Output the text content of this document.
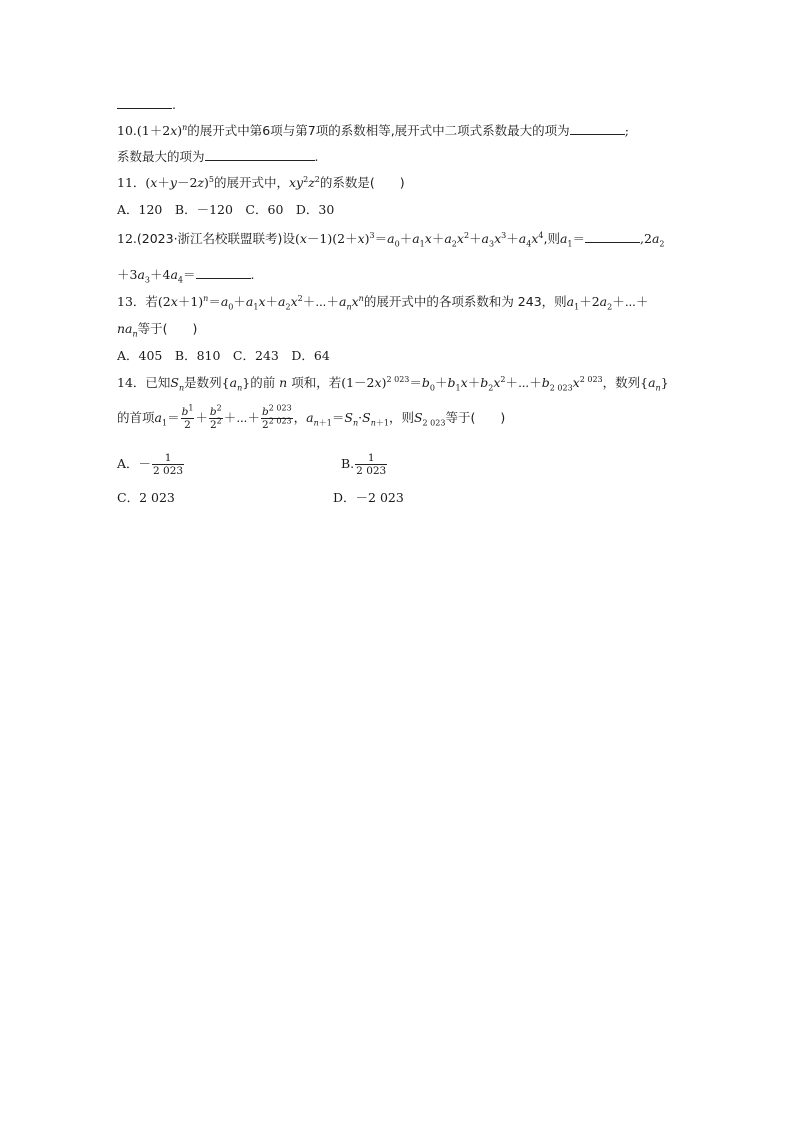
.
$10.(1+2x)^n$的展开式中第6项与第7项的系数相等,展开式中二项式系数最大的项为	;
系数最大的项为	.
11．$(x+y-2z)^5$的展开式中，$xy^2z^2$的系数是(　　)
A．120　B．－120　C．60　D．30
12.(2023·浙江名校联盟联考)设$(x-1)(2+x)^3=a_0+a_1x+a_2x^2+a_3x^3+a_4x^4$,则$a_1=$	$,2a_2$
$+3a_3+4a_4=$	.
13．若$(2x+1)^n=a_0+a_1x+a_2x^2+\cdots+a_nx^n$的展开式中的各项系数和为 243，则$a_1+2a_2+\cdots+$
$na_n$等于(　　)
A．405　B．810　C．243　D．64
14．已知$S_n$是数列$\{a_n\}$的前 n 项和，若$(1-2x)^{2 023}=b_0+b_1x+b_2x^2+\cdots+b_{2 023}x^{2 023}$，数列$\{a_n\}$
的首项$a_1= \frac{b^1}{2} + \frac{b^2}{2^2}$ ＋⋯＋ $\frac{b^{2 023}}{2^{2 023}}$ ，$a_{n+1}=S_n\cdot S_{n+1}$，则$S_{2 023}$等于(　　)
A．－ $\frac{1}{2 023}$	B. $\frac{1}{2 023}$
C．2 023	D．－2 023
